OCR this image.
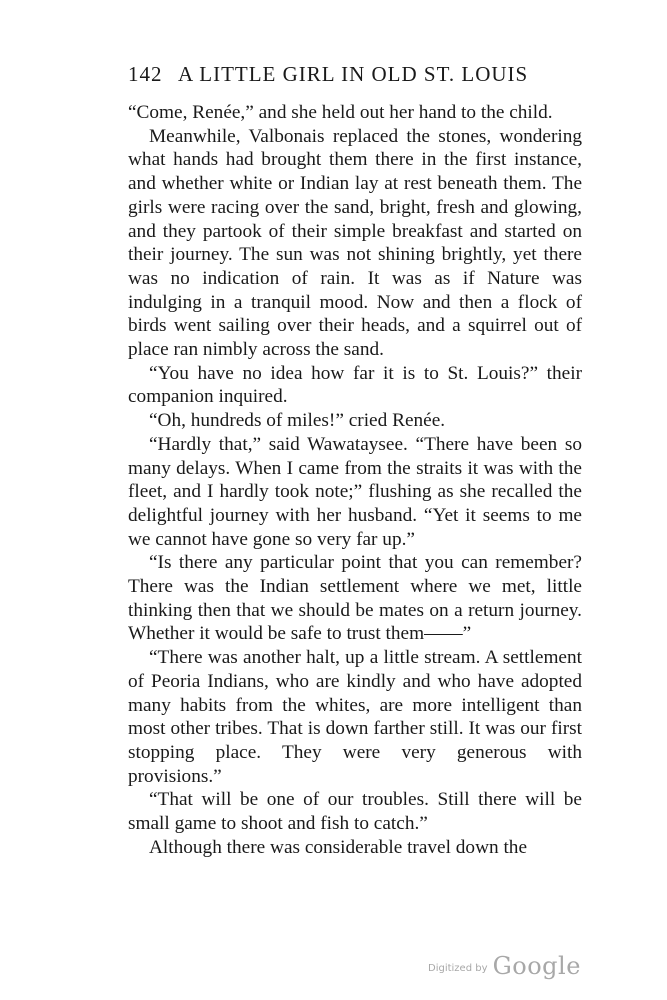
142 A LITTLE GIRL IN OLD ST. LOUIS

“Come, Renée,” and she held out her hand to the child.

Meanwhile, Valbonais replaced the stones, wondering what hands had brought them there in the first instance, and whether white or Indian lay at rest beneath them. The girls were racing over the sand, bright, fresh and glowing, and they partook of their simple breakfast and started on their journey. The sun was not shining brightly, yet there was no indication of rain. It was as if Nature was indulging in a tranquil mood. Now and then a flock of birds went sailing over their heads, and a squirrel out of place ran nimbly across the sand.

“You have no idea how far it is to St. Louis?” their companion inquired.

“Oh, hundreds of miles!” cried Renée.

“Hardly that,” said Wawataysee. “There have been so many delays. When I came from the straits it was with the fleet, and I hardly took note;” flushing as she recalled the delightful journey with her husband. “Yet it seems to me we cannot have gone so very far up.”

“Is there any particular point that you can remember? There was the Indian settlement where we met, little thinking then that we should be mates on a return journey. Whether it would be safe to trust them——”

“There was another halt, up a little stream. A settlement of Peoria Indians, who are kindly and who have adopted many habits from the whites, are more intelligent than most other tribes. That is down farther still. It was our first stopping place. They were very generous with provisions.”

“That will be one of our troubles. Still there will be small game to shoot and fish to catch.”

Although there was considerable travel down the

Digitized by Google
